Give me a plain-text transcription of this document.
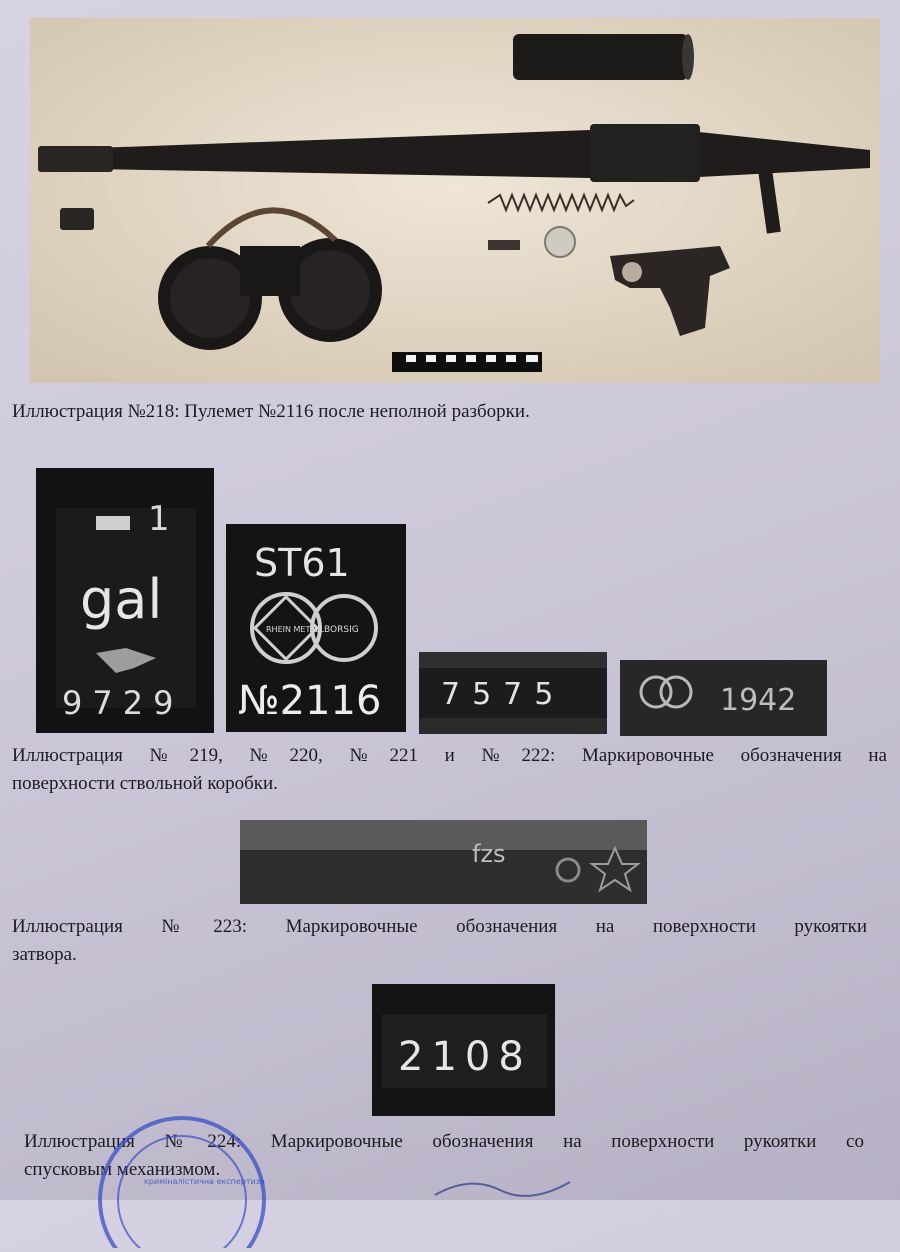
Иллюстрация №218: Пулемет №2116 после неполной разборки.
1
gal
9729
ST61
RHEIN METALL BORSIG
№2116 7575	1942
Иллюстрация №219, №220, №221 и №222: Маркировочные обозначения на
поверхности ствольной коробки.
fzs
Иллюстрация №223: Маркировочные обозначения на поверхности рукоятки
затвора.
2108
Иллюстрация №224: Маркировочные обозначения на поверхности рукоятки со
спусковым механизмом.
криміналістична експертиза
